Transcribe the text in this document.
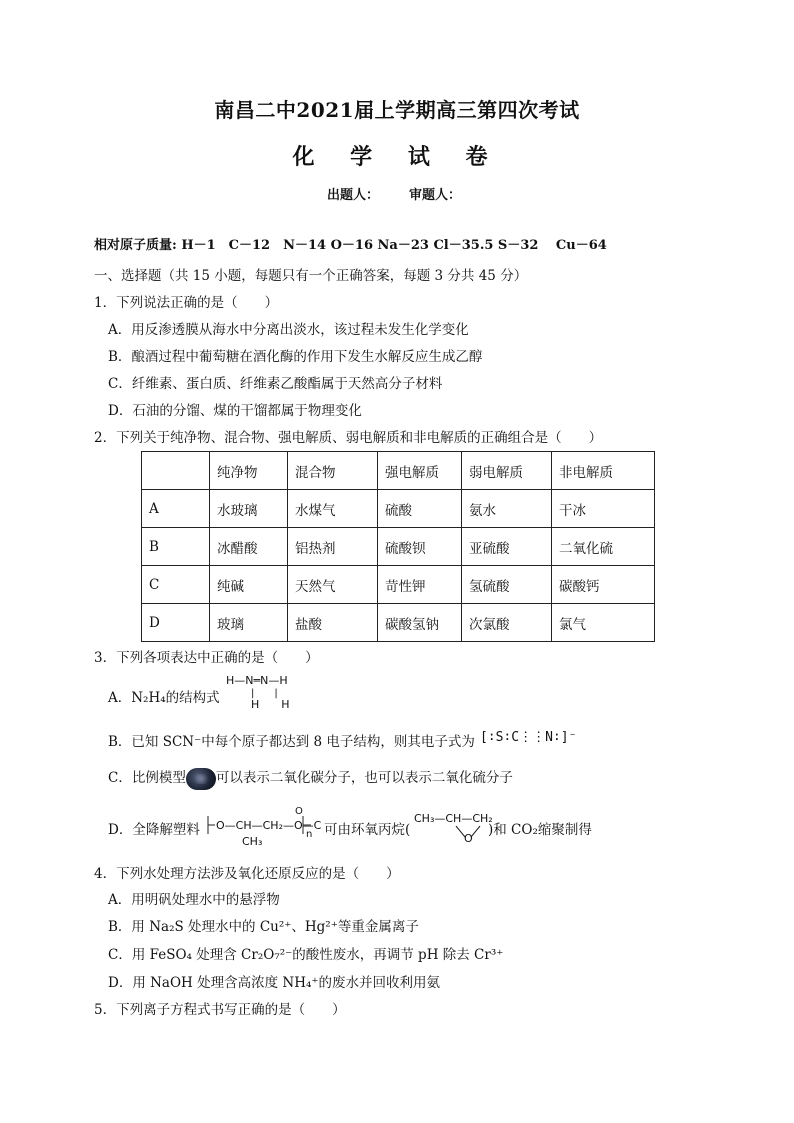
南昌二中2021届上学期高三第四次考试
化 学 试 卷
出题人： 审题人：
相对原子质量: H－1　C－12　N－14 O－16 Na－23 Cl－35.5 S－32　 Cu－64
一、选择题（共 15 小题，每题只有一个正确答案，每题 3 分共 45 分）
1．下列说法正确的是（　　）
A．用反渗透膜从海水中分离出淡水，该过程未发生化学变化
B．酿酒过程中葡萄糖在酒化酶的作用下发生水解反应生成乙醇
C．纤维素、蛋白质、纤维素乙酸酯属于天然高分子材料
D．石油的分馏、煤的干馏都属于物理变化
2．下列关于纯净物、混合物、强电解质、弱电解质和非电解质的正确组合是（　　）
	纯净物	混合物	强电解质	弱电解质	非电解质
A	水玻璃	水煤气	硫酸	氨水	干冰
B	冰醋酸	铝热剂	硫酸钡	亚硫酸	二氧化硫
C	纯碱	天然气	苛性钾	氢硫酸	碳酸钙
D	玻璃	盐酸	碳酸氢钠	次氯酸	氯气
3．下列各项表达中正确的是（　　）
A．N₂H₄的结构式
H—N═N—H
|　　|
H　　H
B．已知 SCN⁻中每个原子都达到 8 电子结构，则其电子式为 [∶S∶C⋮⋮N∶]⁻
C．比例模型 可以表示二氧化碳分子，也可以表示二氧化硫分子
D．全降解塑料 O—CH—CH₂—O—C
O
n
CH₃
可由环氧丙烷(
CH₃—CH—CH₂
O
)和 CO₂缩聚制得
4．下列水处理方法涉及氧化还原反应的是（　　）
A．用明矾处理水中的悬浮物
B．用 Na₂S 处理水中的 Cu²⁺、Hg²⁺等重金属离子
C．用 FeSO₄ 处理含 Cr₂O₇²⁻的酸性废水，再调节 pH 除去 Cr³⁺
D．用 NaOH 处理含高浓度 NH₄⁺的废水并回收利用氨
5．下列离子方程式书写正确的是（　　）
